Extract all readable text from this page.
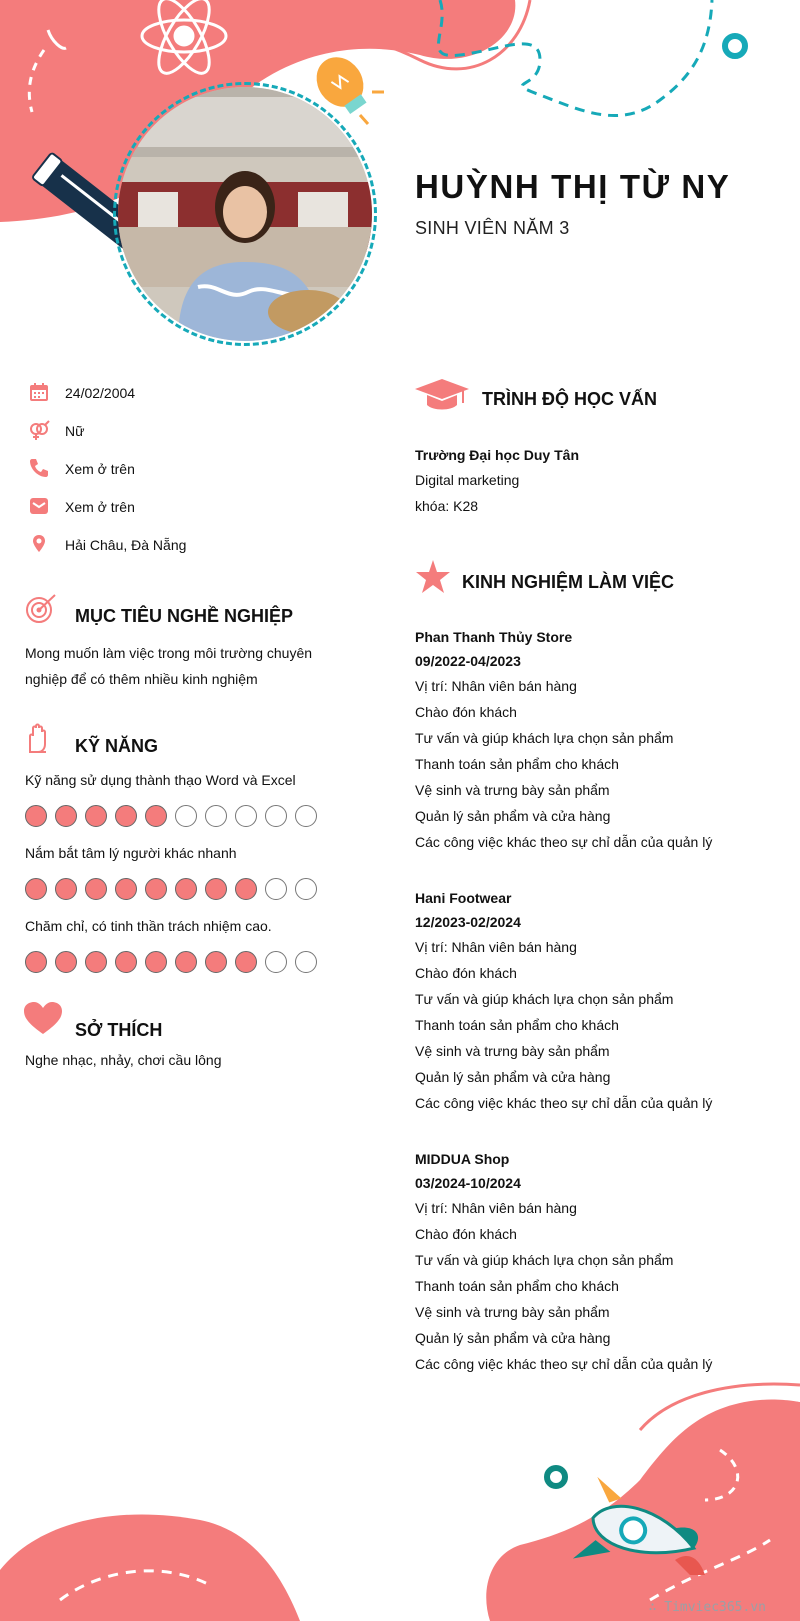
HUỲNH THỊ TỪ NY
SINH VIÊN NĂM 3
24/02/2004
Nữ
Xem ở trên
Xem ở trên
Hải Châu, Đà Nẵng
MỤC TIÊU NGHỀ NGHIỆP
Mong muốn làm việc trong môi trường chuyên
nghiệp để có thêm nhiều kinh nghiệm
KỸ NĂNG
Kỹ năng sử dụng thành thạo Word và Excel
Nắm bắt tâm lý người khác nhanh
Chăm chỉ, có tinh thần trách nhiệm cao.
SỞ THÍCH
Nghe nhạc, nhảy, chơi cầu lông
TRÌNH ĐỘ HỌC VẤN
Trường Đại học Duy Tân
Digital marketing
khóa: K28
KINH NGHIỆM LÀM VIỆC
Phan Thanh Thủy Store
09/2022-04/2023
Vị trí: Nhân viên bán hàng
Chào đón khách
Tư vấn và giúp khách lựa chọn sản phẩm
Thanh toán sản phẩm cho khách
Vệ sinh và trưng bày sản phẩm
Quản lý sản phẩm và cửa hàng
Các công việc khác theo sự chỉ dẫn của quản lý
Hani Footwear
12/2023-02/2024
Vị trí: Nhân viên bán hàng
Chào đón khách
Tư vấn và giúp khách lựa chọn sản phẩm
Thanh toán sản phẩm cho khách
Vệ sinh và trưng bày sản phẩm
Quản lý sản phẩm và cửa hàng
Các công việc khác theo sự chỉ dẫn của quản lý
MIDDUA Shop
03/2024-10/2024
Vị trí: Nhân viên bán hàng
Chào đón khách
Tư vấn và giúp khách lựa chọn sản phẩm
Thanh toán sản phẩm cho khách
Vệ sinh và trưng bày sản phẩm
Quản lý sản phẩm và cửa hàng
Các công việc khác theo sự chỉ dẫn của quản lý
∴ Timviec365.vn
